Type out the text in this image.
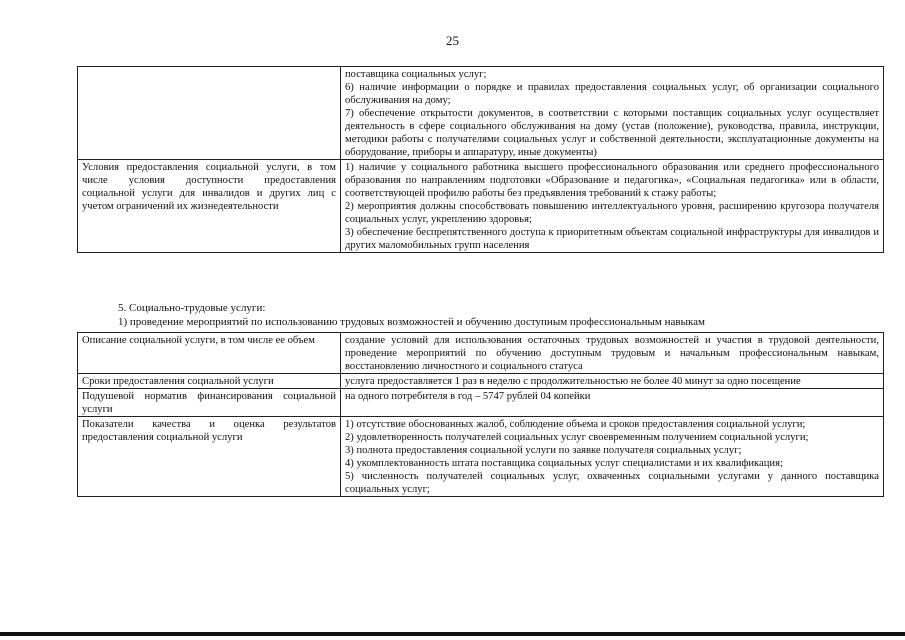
25

	поставщика социальных услуг;
6) наличие информации о порядке и правилах предоставления социальных услуг, об организации социального обслуживания на дому;
7) обеспечение открытости документов, в соответствии с которыми поставщик социальных услуг осуществляет деятельность в сфере социального обслуживания на дому (устав (положение), руководства, правила, инструкции, методики работы с получателями социальных услуг и собственной деятельности, эксплуатационные документы на оборудование, приборы и аппаратуру, иные документы)

Условия предоставления социальной услуги, в том числе условия доступности предоставления социальной услуги для инвалидов и других лиц с учетом ограничений их жизнедеятельности	1) наличие у социального работника высшего профессионального образования или среднего профессионального образования по направлениям подготовки «Образование и педагогика», «Социальная педагогика» или в области, соответствующей профилю работы без предъявления требований к стажу работы;
2) мероприятия должны способствовать повышению интеллектуального уровня, расширению кругозора получателя социальных услуг, укреплению здоровья;
3) обеспечение беспрепятственного доступа к приоритетным объектам социальной инфраструктуры для инвалидов и других маломобильных групп населения
5. Социально-трудовые услуги:
1) проведение мероприятий по использованию трудовых возможностей и обучению доступным профессиональным навыкам
Описание социальной услуги, в том числе ее объем	создание условий для использования остаточных трудовых возможностей и участия в трудовой деятельности, проведение мероприятий по обучению доступным трудовым и начальным профессиональным навыкам, восстановлению личностного и социального статуса

Сроки предоставления социальной услуги	услуга предоставляется 1 раз в неделю с продолжительностью не более 40 минут за одно посещение

Подушевой норматив финансирования социальной услуги	на одного потребителя в год – 5747 рублей 04 копейки

Показатели качества и оценка результатов предоставления социальной услуги	1) отсутствие обоснованных жалоб, соблюдение объема и сроков предоставления социальной услуги;
2) удовлетворенность получателей социальных услуг своевременным получением социальной услуги;
3) полнота предоставления социальной услуги по заявке получателя социальных услуг;
4) укомплектованность штата поставщика социальных услуг специалистами и их квалификация;
5) численность получателей социальных услуг, охваченных социальными услугами у данного поставщика социальных услуг;
